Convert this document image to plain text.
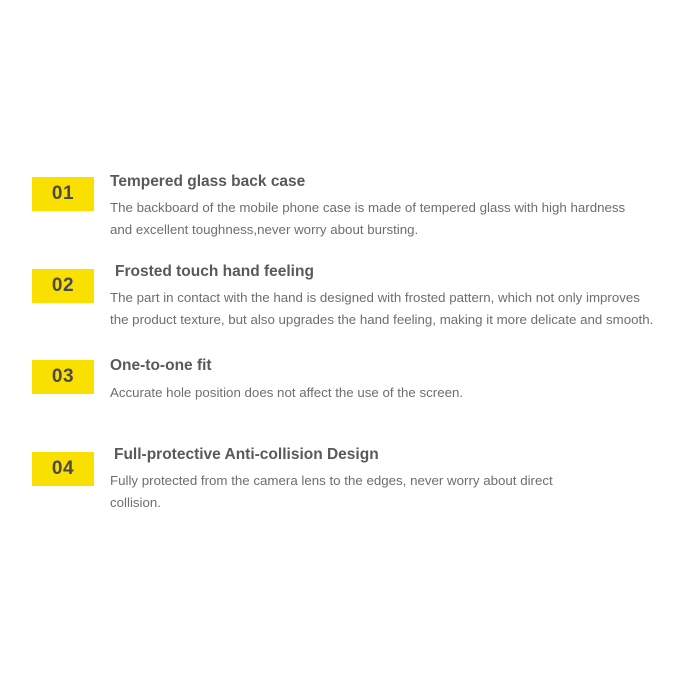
01

Tempered glass back case

The backboard of the mobile phone case is made of tempered glass with high hardness and excellent toughness,never worry about bursting.

02

Frosted touch hand feeling

The part in contact with the hand is designed with frosted pattern, which not only improves the product texture, but also upgrades the hand feeling, making it more delicate and smooth.

03

One-to-one fit

Accurate hole position does not affect the use of the screen.

04

Full-protective Anti-collision Design

Fully protected from the camera lens to the edges, never worry about direct collision.
